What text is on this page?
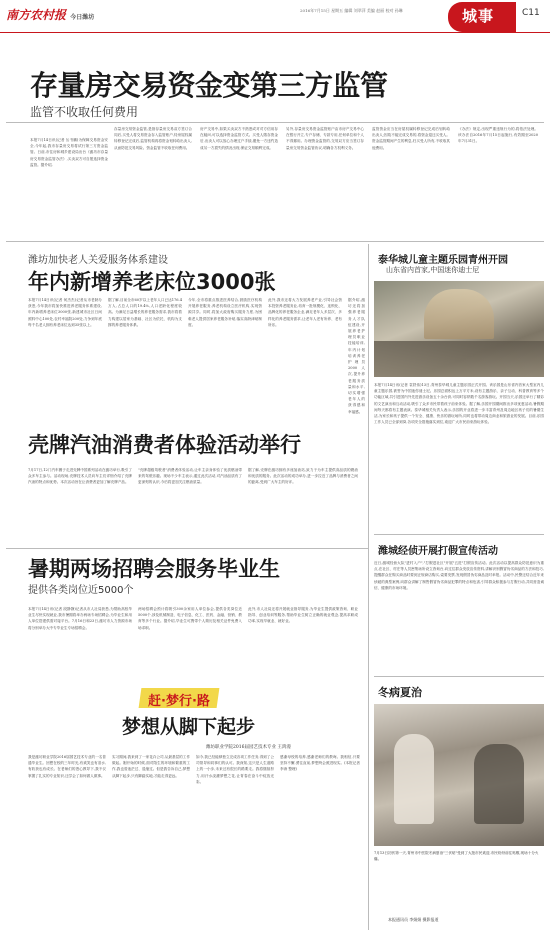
南方农村报 今日潍坊
2016年7月15日 星期五 编辑 刘翠萍 美编 赵丽 校对 孙琳	城事	C11
存量房交易资金变第三方监管
监管不收取任何费用
本报7月14日讯(记者 丛书鹏)为保障交易资金安全,今年起,我市存量房交易将试行第三方资金监管。日前,市住房和城乡建设局出台《潍坊市存量房交易资金监管办法》,买卖双方可自愿选择资金监管。据介绍,
存量房交易资金监管,是指存量房交易双方签订合同后,买受人将交易资金存入监管账户,待房屋权属转移登记完成后,监管机构再将资金划转给出卖人,从而防范交易风险。资金监管不收取任何费用。
房产交易中,如果买卖双方不熟悉或对对方信用存在疑问,可以选择资金监管方式。买受人缴存资金后,出卖人可以放心办理过户手续,避免一方违约造成另一方损失的情况出现,保证交易顺利完成。
另外,存量房交易资金监管账户由市房产交易中心在银行开立,专户存储、专款专用,任何单位和个人不得挪用。办理资金监管的,交易双方应当签订存量房交易资金监管协议,明确各方权利义务。
监管资金应当在房屋权属转移登记完成后划转给出卖人;因故不能完成交易的,将资金退还买受人。资金监管期间产生的利息,归买受人所有,不收取其他费用。
《办法》规定,出现严重违规行为的,将依法处理。该办法自2016年7月15日起施行,有效期至2020年7月31日。
潍坊加快老人关爱服务体系建设
年内新增养老床位3000张
本报7月14日讯(记者 何杰杰)记者从市老龄办获悉,今年我市将加快推进养老服务体系建设,年内新增养老床位3000张,新建城市社区日间照料中心100处,农村幸福院200处,力争到年底每千名老人拥有养老床位达到35张以上。
据了解,目前全市60岁以上老年人口已达176.4万人,占总人口的19.4%,人口老龄化程度较高。为满足日益增长的养老服务需求,我市将着力构建以居家为基础、社区为依托、机构为支撑的养老服务体系。
今年,全市将重点推进医养结合,鼓励医疗机构开展养老服务,养老机构设立医疗机构,实现资源共享。同时,将加大政府购买服务力度,为困难老人提供居家养老服务补贴,落实高龄津贴制度。
此外,我市还将大力发展养老产业,引导社会资本投资养老服务业,培育一批规模化、连锁化、品牌化的养老服务企业,满足老年人多层次、多样化的养老服务需求,让老年人老有所养、老有所乐。
据介绍,潍坊还将加强养老服务人才队伍建设,开展养老护理员职业技能培训,年内计划培训养老护理员2000人次,提升养老服务质量和水平,切实增强老年人的获得感和幸福感。
泰华城儿童主题乐园青州开园
山东省内首家,中国迷你迪士尼
本报7月14日讯(记者 袁铁伟)13日,青州泰华城儿童主题乐园正式开园。该乐园是山东省内首家大型室内儿童主题乐园,被誉为中国迷你迪士尼。乐园总面积达上万平方米,设有主题游乐、亲子互动、科普教育等多个功能区域,共引进国内外先进游乐设备五十余台套,可同时容纳数千名游客游玩。开园当天,乐园还举行了精彩的文艺演出和互动活动,吸引了众多市民带着孩子前来体验。据了解,乐园开园期间推出多项优惠活动,暑假期间每天都将有主题表演。泰华城相关负责人表示,乐园的开业将进一步丰富青州及周边地区孩子们的暑期生活,为家长和孩子提供一个安全、健康、快乐的游玩场所,同时也将带动周边商业和旅游业的发展。目前,乐园工作人员已全部到岗,各项安全措施落实到位,欢迎广大市民前来游玩体验。
壳牌汽油消费者体验活动举行
7月17日,12门汽车圈子走进壳牌中国系列活动在潍坊举行,吸引了众多车主参与。活动现场,壳牌技术人员向车主们详细介绍了壳牌汽油的特点和优势。本次活动旨在让消费者更加了解壳牌产品。
"壳牌超级驾驶者"消费者体验活动,让车主亲身体验了优质燃油带来的驾驶乐趣。现场不少车主表示,通过此次活动,对汽油品质有了更深刻的认识,今后将更加关注燃油质量。
据了解,壳牌在潍坊拥有多座加油站,致力于为车主提供高品质的燃油和优质的服务。此次活动的成功举办,进一步拉近了品牌与消费者之间的距离,受到广大车主的好评。
暑期两场招聘会服务毕业生
提供各类岗位近5000个
本报7月14日讯(记者 段静静)记者从市人社局获悉,为帮助高校毕业生尽快实现就业,我市暑期将举办两场专场招聘会,为毕业生和用人单位搭建供需对接平台。7月16日和23日,潍坊市人力资源市场将分别举办大中专毕业生专场招聘会。
两场招聘会预计将吸引300余家用人单位参会,提供各类岗位近5000个,涉及机械制造、电子信息、化工、医药、金融、营销、教育等多个行业。据介绍,毕业生可携带个人简历及相关证件免费入场求职。
此外,市人社局还将开展就业指导服务,为毕业生提供政策咨询、职业指导、创业培训等服务,帮助毕业生树立正确的就业观念,提高求职成功率,实现早就业、就好业。
赶·梦行·路
梦想从脚下起步
潍坊职业学院2016届园艺技术专业 王鸿漫
我是潍坊职业学院2016届园艺技术专业的一名普通毕业生。回想在校的三年时光,有欢笑也有泪水,有收获也有成长。在老师们的悉心教导下,我不仅掌握了扎实的专业知识,还学会了如何做人做事。
实习期间,我来到了一家花卉公司,从最基层的工作做起。刚开始的时候,面对陌生的环境和繁重的工作,我也曾迷茫过、退缩过。但是我告诉自己,梦想从脚下起步,只有脚踏实地,才能走得更远。
如今,我已经能够独立完成各项工作任务,得到了公司领导和同事们的认可。我深知,这只是人生道路上的一小步,未来还有很长的路要走。我将继续努力,用汗水浇灌梦想之花,让青春在奋斗中绽放光彩。
感谢母校的培养,感谢老师们的教诲。我相信,只要坚持不懈,勇往直前,梦想终会照进现实。(本报记者 李涛 整理)
潍城经侦开展打假宣传活动
近日,潍城经侦大队"进村入户","打假进社区"开展"五进"打假宣传活动。此次活动以提高群众防范意识为重点,在社区、村庄等人员密集场所设立咨询台,向过往群众发放宣传资料,讲解识别假冒伪劣商品的方法和技巧,提醒群众在购买商品时要到正规商店购买,索要发票,发现假冒伪劣商品及时举报。活动中,民警还结合近年来侦破的典型案例,向群众讲解了制售假冒伪劣商品犯罪的特点和危害,引导群众积极参与打假行动,共同营造诚信、健康的市场环境。
冬病夏治
7月13日初伏第一天,青州市中医院冬病夏治"三伏贴"受到了大批市民欢迎,市民纷纷前往贴敷,现场十分火爆。
本报通讯员 李娟娟 摄影报道
